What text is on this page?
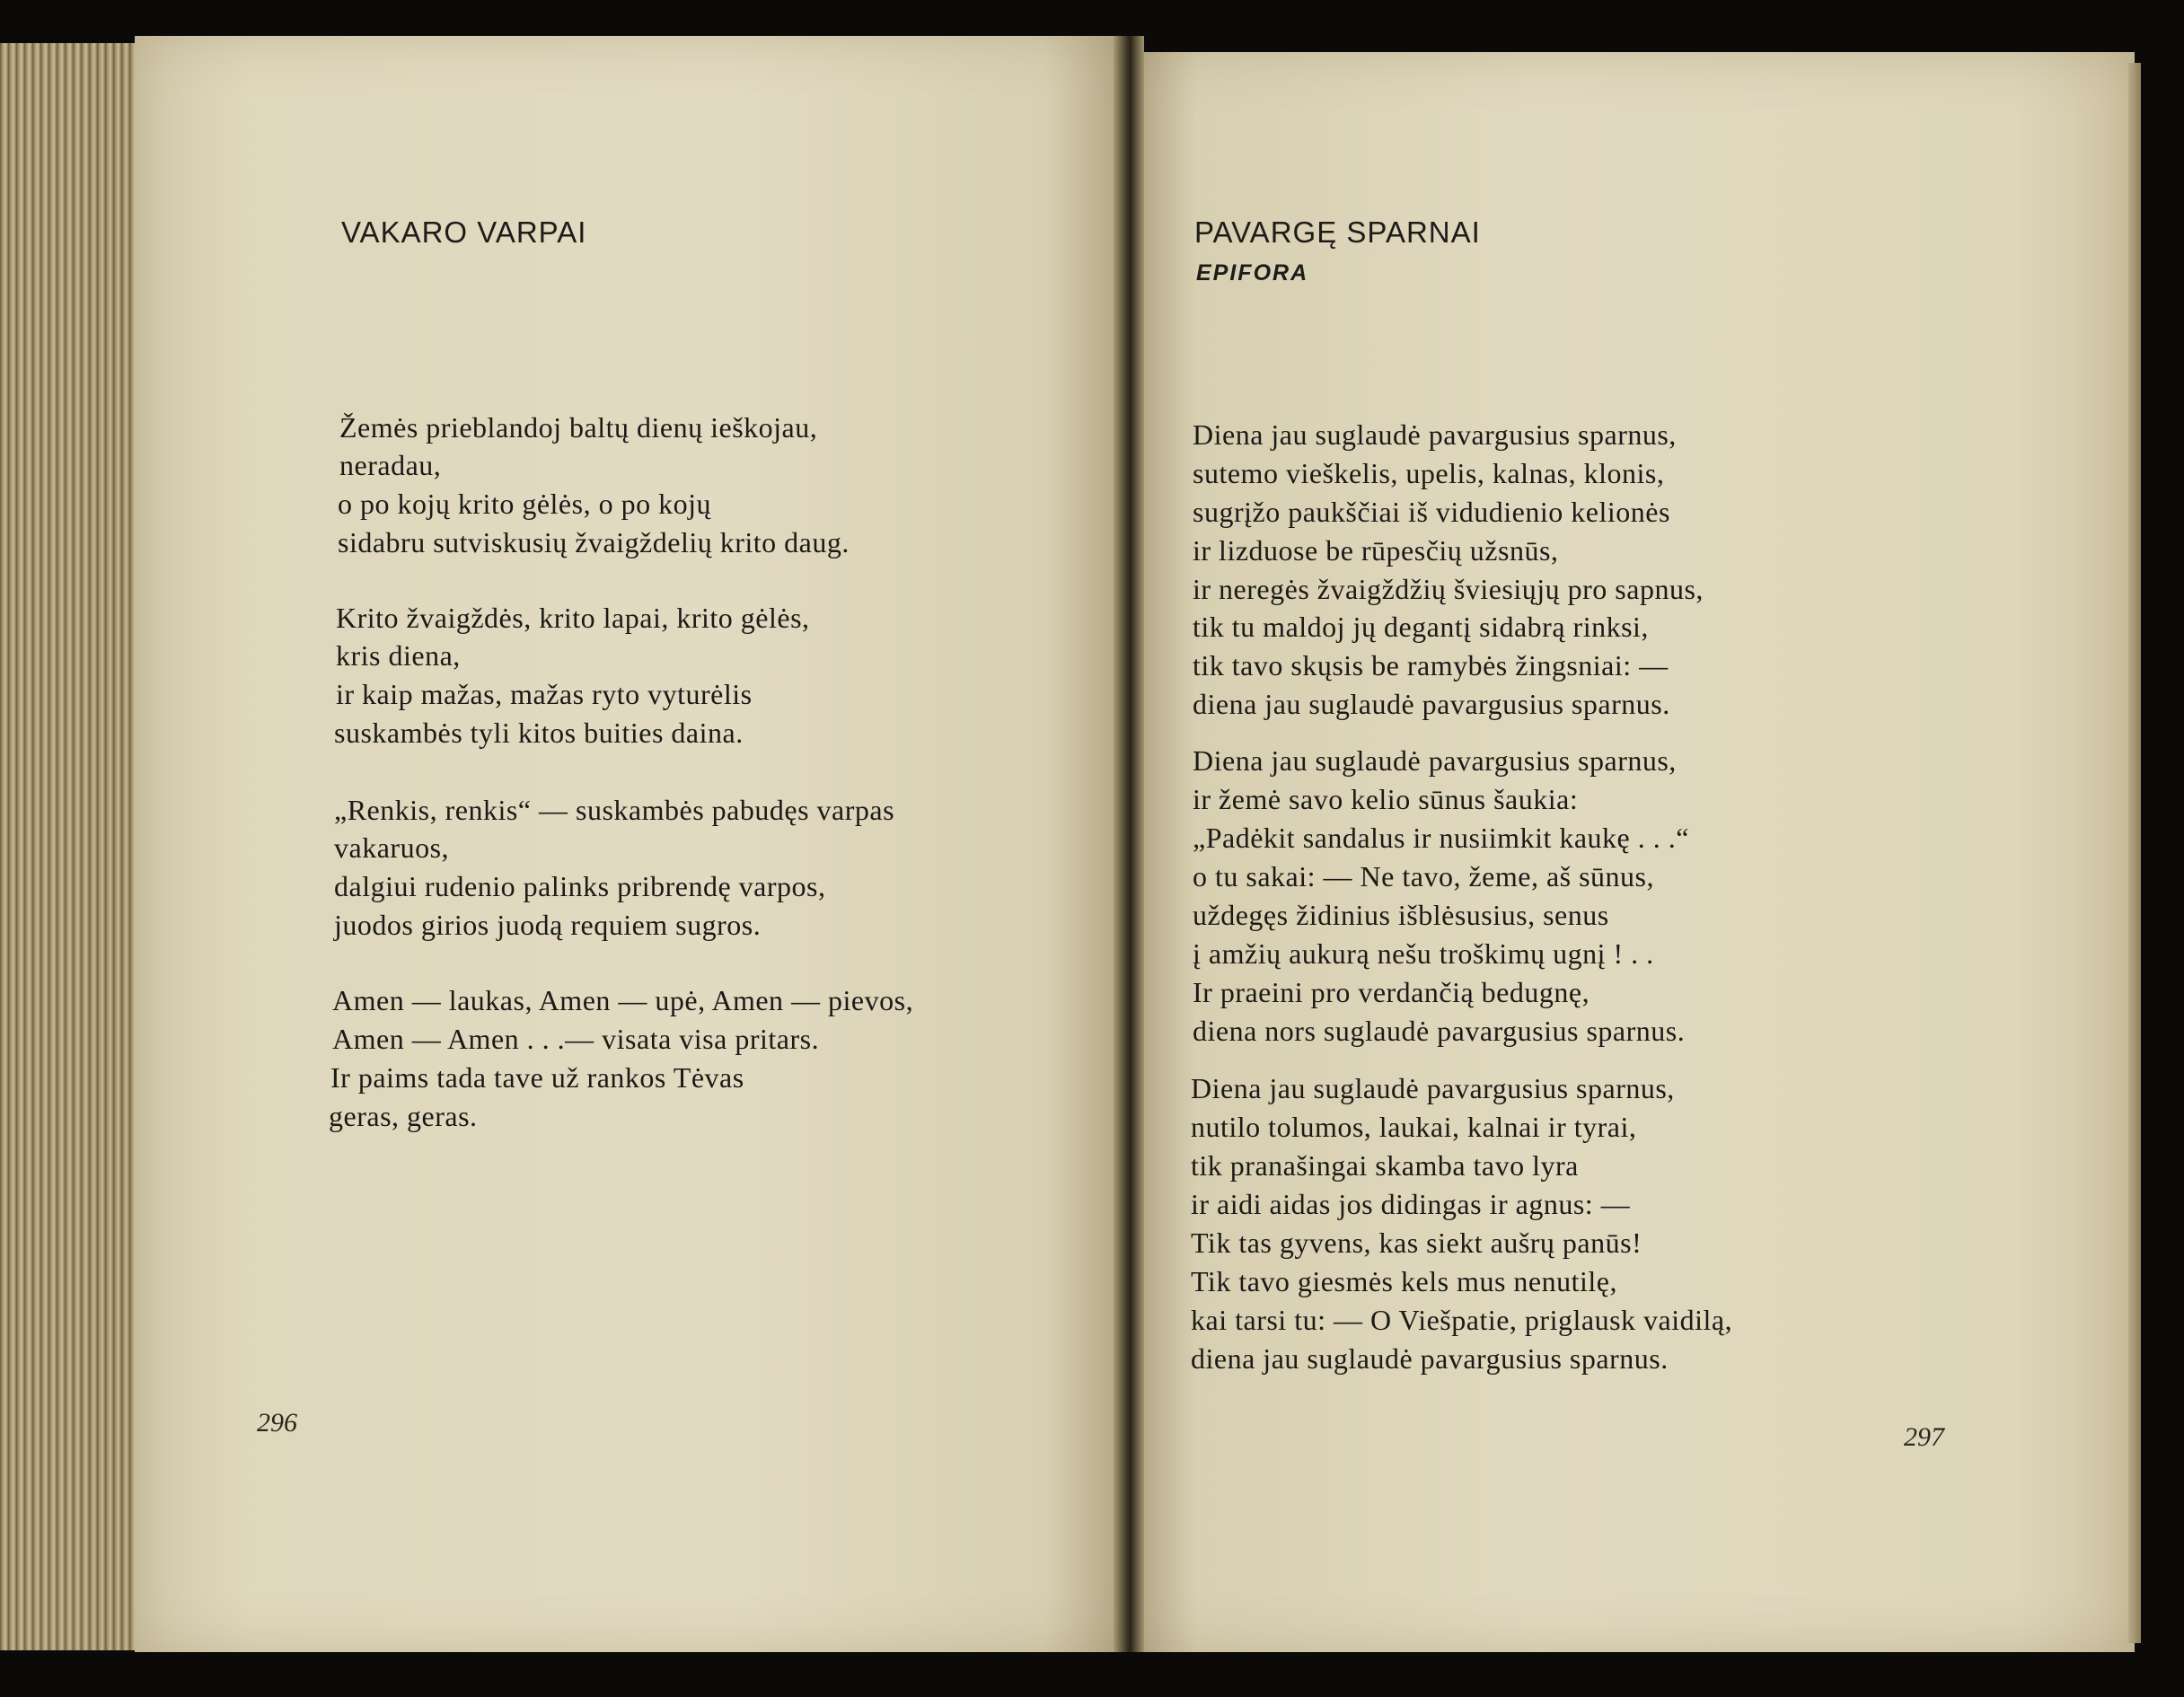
VAKARO VARPAI
Žemės prieblandoj baltų dienų ieškojau,
neradau,
o po kojų krito gėlės, o po kojų
sidabru sutviskusių žvaigždelių krito daug.
Krito žvaigždės, krito lapai, krito gėlės,
kris diena,
ir kaip mažas, mažas ryto vyturėlis
suskambės tyli kitos buities daina.
„Renkis, renkis“ — suskambės pabudęs varpas
vakaruos,
dalgiui rudenio palinks pribrendę varpos,
juodos girios juodą requiem sugros.
Amen — laukas, Amen — upė, Amen — pievos,
Amen — Amen . . .— visata visa pritars.
Ir paims tada tave už rankos Tėvas
geras, geras.
296
PAVARGĘ SPARNAI
EPIFORA
Diena jau suglaudė pavargusius sparnus,
sutemo vieškelis, upelis, kalnas, klonis,
sugrįžo paukščiai iš vidudienio kelionės
ir lizduose be rūpesčių užsnūs,
ir neregės žvaigždžių šviesiųjų pro sapnus,
tik tu maldoj jų degantį sidabrą rinksi,
tik tavo skųsis be ramybės žingsniai: —
diena jau suglaudė pavargusius sparnus.
Diena jau suglaudė pavargusius sparnus,
ir žemė savo kelio sūnus šaukia:
„Padėkit sandalus ir nusiimkit kaukę . . .“
o tu sakai: — Ne tavo, žeme, aš sūnus,
uždegęs židinius išblėsusius, senus
į amžių aukurą nešu troškimų ugnį ! . .
Ir praeini pro verdančią bedugnę,
diena nors suglaudė pavargusius sparnus.
Diena jau suglaudė pavargusius sparnus,
nutilo tolumos, laukai, kalnai ir tyrai,
tik pranašingai skamba tavo lyra
ir aidi aidas jos didingas ir agnus: —
Tik tas gyvens, kas siekt aušrų panūs!
Tik tavo giesmės kels mus nenutilę,
kai tarsi tu: — O Viešpatie, priglausk vaidilą,
diena jau suglaudė pavargusius sparnus.
297
